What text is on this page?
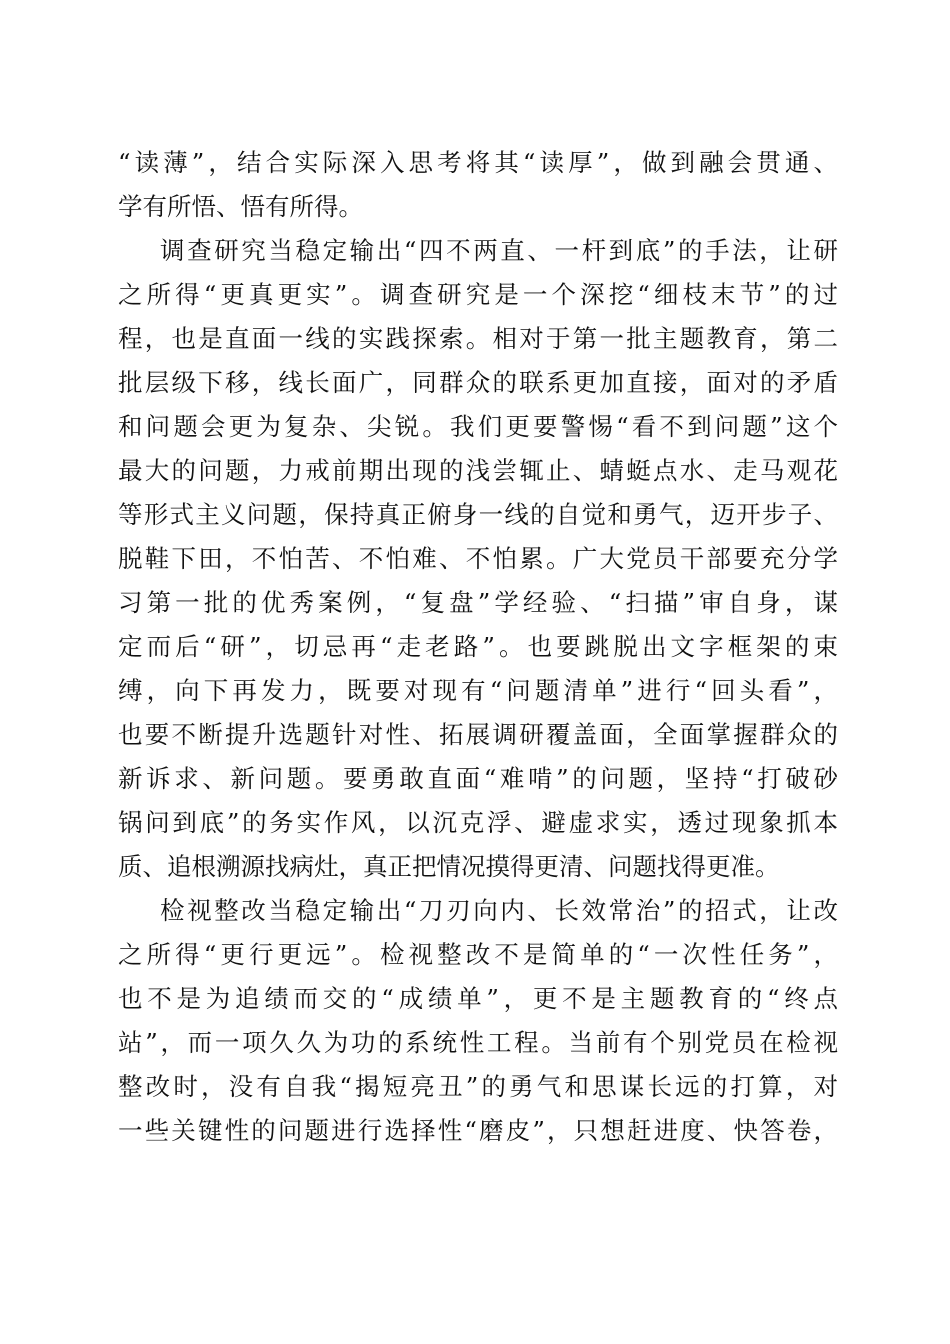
“读薄”，结合实际深入思考将其“读厚”，做到融会贯通、
学有所悟、悟有所得。
调查研究当稳定输出“四不两直、一杆到底”的手法，让研
之所得“更真更实”。调查研究是一个深挖“细枝末节”的过
程，也是直面一线的实践探索。相对于第一批主题教育，第二
批层级下移，线长面广，同群众的联系更加直接，面对的矛盾
和问题会更为复杂、尖锐。我们更要警惕“看不到问题”这个
最大的问题，力戒前期出现的浅尝辄止、蜻蜓点水、走马观花
等形式主义问题，保持真正俯身一线的自觉和勇气，迈开步子、
脱鞋下田，不怕苦、不怕难、不怕累。广大党员干部要充分学
习第一批的优秀案例，“复盘”学经验、“扫描”审自身，谋
定而后“研”，切忌再“走老路”。也要跳脱出文字框架的束
缚，向下再发力，既要对现有“问题清单”进行“回头看”，
也要不断提升选题针对性、拓展调研覆盖面，全面掌握群众的
新诉求、新问题。要勇敢直面“难啃”的问题，坚持“打破砂
锅问到底”的务实作风，以沉克浮、避虚求实，透过现象抓本
质、追根溯源找病灶，真正把情况摸得更清、问题找得更准。
检视整改当稳定输出“刀刃向内、长效常治”的招式，让改
之所得“更行更远”。检视整改不是简单的“一次性任务”，
也不是为追绩而交的“成绩单”，更不是主题教育的“终点
站”，而一项久久为功的系统性工程。当前有个别党员在检视
整改时，没有自我“揭短亮丑”的勇气和思谋长远的打算，对
一些关键性的问题进行选择性“磨皮”，只想赶进度、快答卷，
